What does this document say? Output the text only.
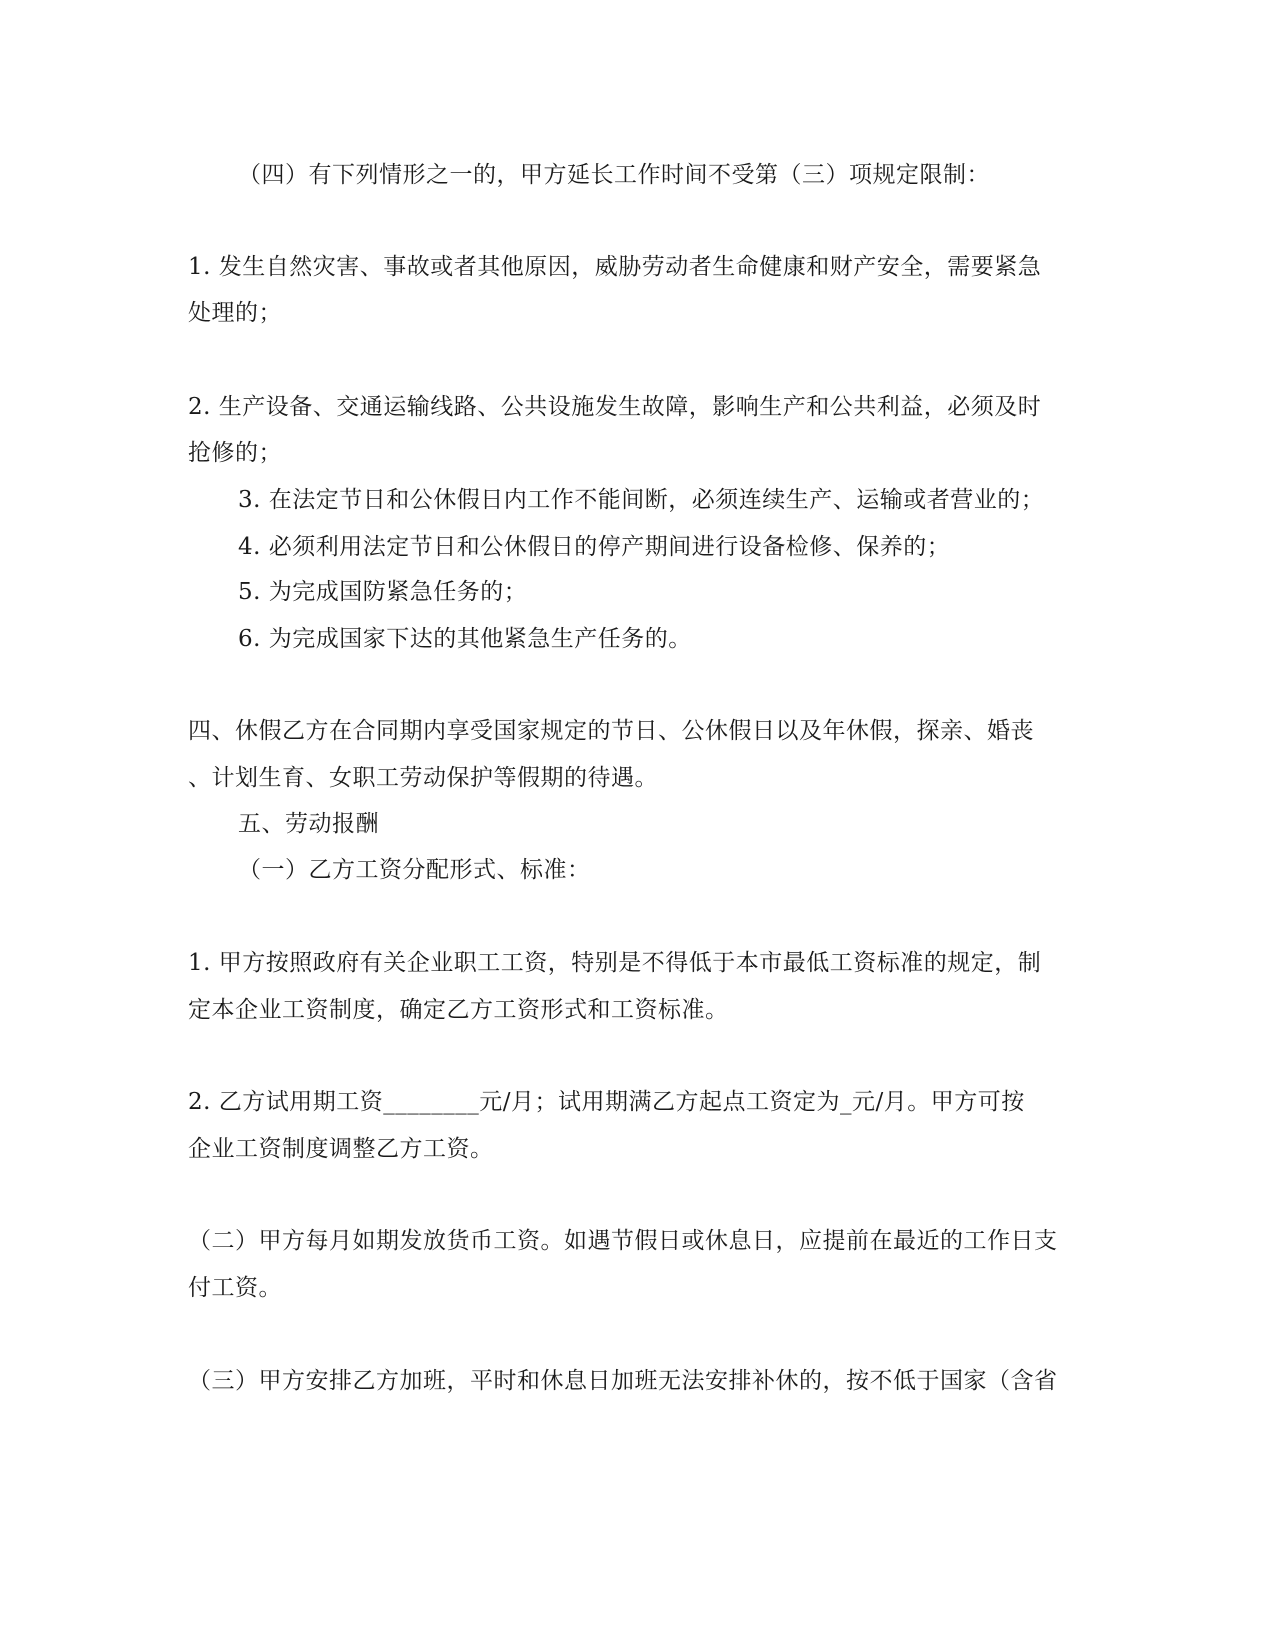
（四）有下列情形之一的，甲方延长工作时间不受第（三）项规定限制：
1. 发生自然灾害、事故或者其他原因，威胁劳动者生命健康和财产安全，需要紧急
处理的；
2. 生产设备、交通运输线路、公共设施发生故障，影响生产和公共利益，必须及时
抢修的；
3. 在法定节日和公休假日内工作不能间断，必须连续生产、运输或者营业的；
4. 必须利用法定节日和公休假日的停产期间进行设备检修、保养的；
5. 为完成国防紧急任务的；
6. 为完成国家下达的其他紧急生产任务的。
四、休假乙方在合同期内享受国家规定的节日、公休假日以及年休假，探亲、婚丧
、计划生育、女职工劳动保护等假期的待遇。
五、劳动报酬
（一）乙方工资分配形式、标准：
1. 甲方按照政府有关企业职工工资，特别是不得低于本市最低工资标准的规定，制
定本企业工资制度，确定乙方工资形式和工资标准。
2. 乙方试用期工资________元/月；试用期满乙方起点工资定为_元/月。甲方可按
企业工资制度调整乙方工资。
（二）甲方每月如期发放货币工资。如遇节假日或休息日，应提前在最近的工作日支
付工资。
（三）甲方安排乙方加班，平时和休息日加班无法安排补休的，按不低于国家（含省
